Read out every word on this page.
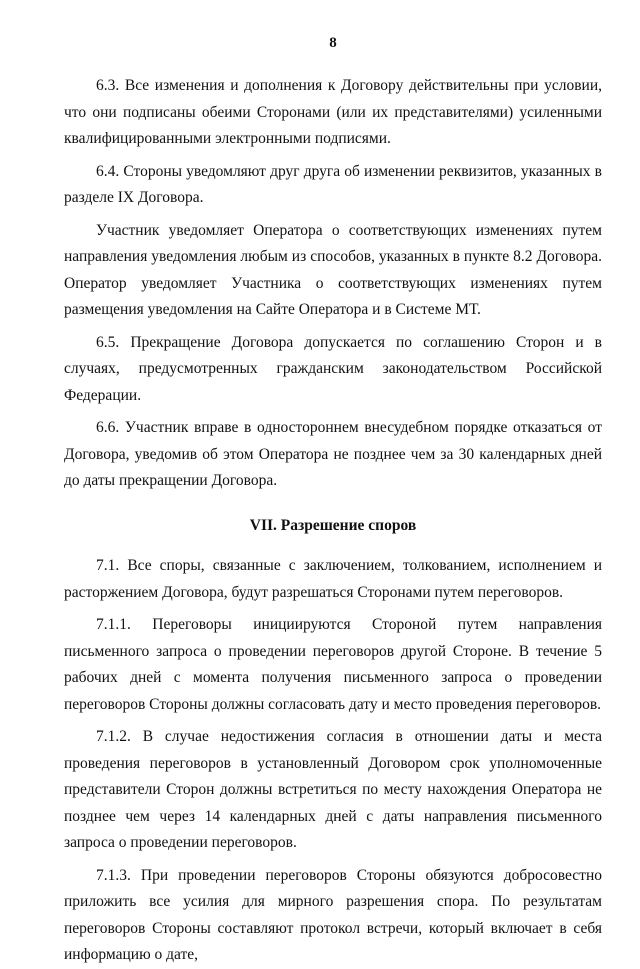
8

6.3. Все изменения и дополнения к Договору действительны при условии, что они подписаны обеими Сторонами (или их представителями) усиленными квалифицированными электронными подписями.

6.4. Стороны уведомляют друг друга об изменении реквизитов, указанных в разделе IX Договора.

Участник уведомляет Оператора о соответствующих изменениях путем направления уведомления любым из способов, указанных в пункте 8.2 Договора. Оператор уведомляет Участника о соответствующих изменениях путем размещения уведомления на Сайте Оператора и в Системе МТ.

6.5. Прекращение Договора допускается по соглашению Сторон и в случаях, предусмотренных гражданским законодательством Российской Федерации.

6.6. Участник вправе в одностороннем внесудебном порядке отказаться от Договора, уведомив об этом Оператора не позднее чем за 30 календарных дней до даты прекращении Договора.

VII. Разрешение споров

7.1. Все споры, связанные с заключением, толкованием, исполнением и расторжением Договора, будут разрешаться Сторонами путем переговоров.

7.1.1. Переговоры инициируются Стороной путем направления письменного запроса о проведении переговоров другой Стороне. В течение 5 рабочих дней с момента получения письменного запроса о проведении переговоров Стороны должны согласовать дату и место проведения переговоров.

7.1.2. В случае недостижения согласия в отношении даты и места проведения переговоров в установленный Договором срок уполномоченные представители Сторон должны встретиться по месту нахождения Оператора не позднее чем через 14 календарных дней с даты направления письменного запроса о проведении переговоров.

7.1.3. При проведении переговоров Стороны обязуются добросовестно приложить все усилия для мирного разрешения спора. По результатам переговоров Стороны составляют протокол встречи, который включает в себя информацию о дате,
